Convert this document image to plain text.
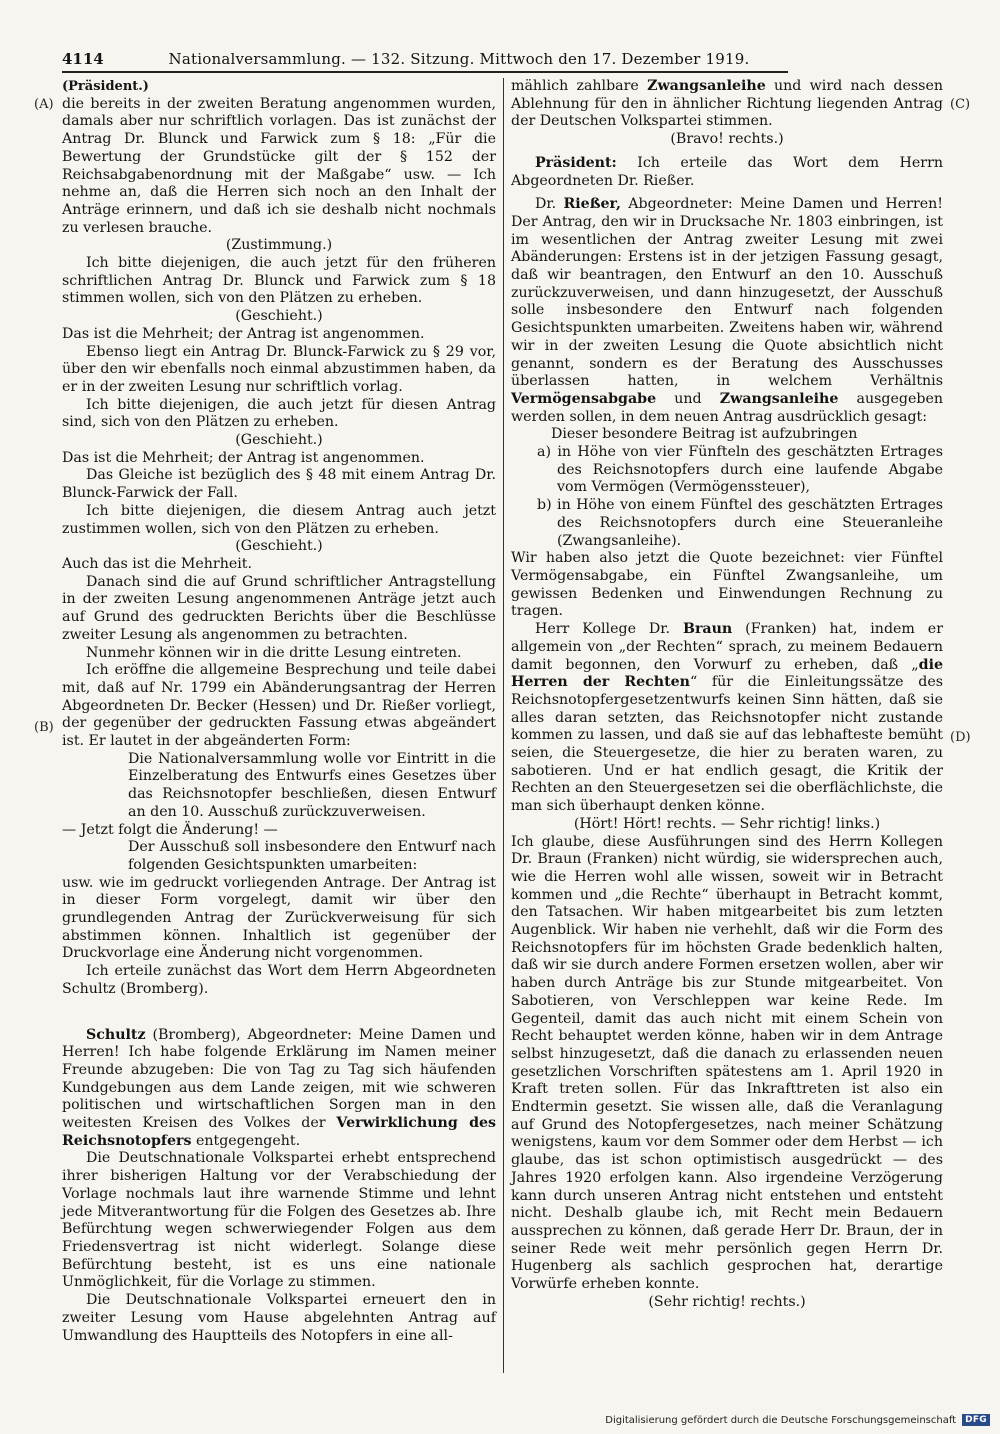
4114	Nationalversammlung. — 132. Sitzung. Mittwoch den 17. Dezember 1919.
(A)
(B)
(C)
(D)

(Präsident.)

die bereits in der zweiten Beratung angenommen wurden, damals aber nur schriftlich vorlagen. Das ist zunächst der Antrag Dr. Blunck und Farwick zum § 18: „Für die Bewertung der Grundstücke gilt der § 152 der Reichsabgabenordnung mit der Maßgabe“ usw. — Ich nehme an, daß die Herren sich noch an den Inhalt der Anträge erinnern, und daß ich sie deshalb nicht nochmals zu verlesen brauche.

(Zustimmung.)

Ich bitte diejenigen, die auch jetzt für den früheren schriftlichen Antrag Dr. Blunck und Farwick zum § 18 stimmen wollen, sich von den Plätzen zu erheben.

(Geschieht.)

Das ist die Mehrheit; der Antrag ist angenommen.

Ebenso liegt ein Antrag Dr. Blunck-Farwick zu § 29 vor, über den wir ebenfalls noch einmal abzustimmen haben, da er in der zweiten Lesung nur schriftlich vorlag.

Ich bitte diejenigen, die auch jetzt für diesen Antrag sind, sich von den Plätzen zu erheben.

(Geschieht.)

Das ist die Mehrheit; der Antrag ist angenommen.

Das Gleiche ist bezüglich des § 48 mit einem Antrag Dr. Blunck-Farwick der Fall.

Ich bitte diejenigen, die diesem Antrag auch jetzt zustimmen wollen, sich von den Plätzen zu erheben.

(Geschieht.)

Auch das ist die Mehrheit.

Danach sind die auf Grund schriftlicher Antragstellung in der zweiten Lesung angenommenen Anträge jetzt auch auf Grund des gedruckten Berichts über die Beschlüsse zweiter Lesung als angenommen zu betrachten.

Nunmehr können wir in die dritte Lesung eintreten.

Ich eröffne die allgemeine Besprechung und teile dabei mit, daß auf Nr. 1799 ein Abänderungsantrag der Herren Abgeordneten Dr. Becker (Hessen) und Dr. Rießer vorliegt, der gegenüber der gedruckten Fassung etwas abgeändert ist. Er lautet in der abgeänderten Form:

Die Nationalversammlung wolle vor Eintritt in die Einzelberatung des Entwurfs eines Gesetzes über das Reichsnotopfer beschließen, diesen Entwurf an den 10. Ausschuß zurückzuverweisen.

— Jetzt folgt die Änderung! —

Der Ausschuß soll insbesondere den Entwurf nach folgenden Gesichtspunkten umarbeiten:

usw. wie im gedruckt vorliegenden Antrage. Der Antrag ist in dieser Form vorgelegt, damit wir über den grundlegenden Antrag der Zurückverweisung für sich abstimmen können. Inhaltlich ist gegenüber der Druckvorlage eine Änderung nicht vorgenommen.

Ich erteile zunächst das Wort dem Herrn Abgeordneten Schultz (Bromberg).

Schultz (Bromberg), Abgeordneter: Meine Damen und Herren! Ich habe folgende Erklärung im Namen meiner Freunde abzugeben: Die von Tag zu Tag sich häufenden Kundgebungen aus dem Lande zeigen, mit wie schweren politischen und wirtschaftlichen Sorgen man in den weitesten Kreisen des Volkes der Verwirklichung des Reichsnotopfers entgegengeht.

Die Deutschnationale Volkspartei erhebt entsprechend ihrer bisherigen Haltung vor der Verabschiedung der Vorlage nochmals laut ihre warnende Stimme und lehnt jede Mitverantwortung für die Folgen des Gesetzes ab. Ihre Befürchtung wegen schwerwiegender Folgen aus dem Friedensvertrag ist nicht widerlegt. Solange diese Befürchtung besteht, ist es uns eine nationale Unmöglichkeit, für die Vorlage zu stimmen.

Die Deutschnationale Volkspartei erneuert den in zweiter Lesung vom Hause abgelehnten Antrag auf Umwandlung des Hauptteils des Notopfers in eine all-

mählich zahlbare Zwangsanleihe und wird nach dessen Ablehnung für den in ähnlicher Richtung liegenden Antrag der Deutschen Volkspartei stimmen.

(Bravo! rechts.)

Präsident: Ich erteile das Wort dem Herrn Abgeordneten Dr. Rießer.

Dr. Rießer, Abgeordneter: Meine Damen und Herren! Der Antrag, den wir in Drucksache Nr. 1803 einbringen, ist im wesentlichen der Antrag zweiter Lesung mit zwei Abänderungen: Erstens ist in der jetzigen Fassung gesagt, daß wir beantragen, den Entwurf an den 10. Ausschuß zurückzuverweisen, und dann hinzugesetzt, der Ausschuß solle insbesondere den Entwurf nach folgenden Gesichtspunkten umarbeiten. Zweitens haben wir, während wir in der zweiten Lesung die Quote absichtlich nicht genannt, sondern es der Beratung des Ausschusses überlassen hatten, in welchem Verhältnis Vermögensabgabe und Zwangsanleihe ausgegeben werden sollen, in dem neuen Antrag ausdrücklich gesagt:

Dieser besondere Beitrag ist aufzubringen

a) in Höhe von vier Fünfteln des geschätzten Ertrages des Reichsnotopfers durch eine laufende Abgabe vom Vermögen (Vermögenssteuer),

b) in Höhe von einem Fünftel des geschätzten Ertrages des Reichsnotopfers durch eine Steueranleihe (Zwangsanleihe).

Wir haben also jetzt die Quote bezeichnet: vier Fünftel Vermögensabgabe, ein Fünftel Zwangsanleihe, um gewissen Bedenken und Einwendungen Rechnung zu tragen.

Herr Kollege Dr. Braun (Franken) hat, indem er allgemein von „der Rechten“ sprach, zu meinem Bedauern damit begonnen, den Vorwurf zu erheben, daß „die Herren der Rechten“ für die Einleitungssätze des Reichsnotopfergesetzentwurfs keinen Sinn hätten, daß sie alles daran setzten, das Reichsnotopfer nicht zustande kommen zu lassen, und daß sie auf das lebhafteste bemüht seien, die Steuergesetze, die hier zu beraten waren, zu sabotieren. Und er hat endlich gesagt, die Kritik der Rechten an den Steuergesetzen sei die oberflächlichste, die man sich überhaupt denken könne.

(Hört! Hört! rechts. — Sehr richtig! links.)

Ich glaube, diese Ausführungen sind des Herrn Kollegen Dr. Braun (Franken) nicht würdig, sie widersprechen auch, wie die Herren wohl alle wissen, soweit wir in Betracht kommen und „die Rechte“ überhaupt in Betracht kommt, den Tatsachen. Wir haben mitgearbeitet bis zum letzten Augenblick. Wir haben nie verhehlt, daß wir die Form des Reichsnotopfers für im höchsten Grade bedenklich halten, daß wir sie durch andere Formen ersetzen wollen, aber wir haben durch Anträge bis zur Stunde mitgearbeitet. Von Sabotieren, von Verschleppen war keine Rede. Im Gegenteil, damit das auch nicht mit einem Schein von Recht behauptet werden könne, haben wir in dem Antrage selbst hinzugesetzt, daß die danach zu erlassenden neuen gesetzlichen Vorschriften spätestens am 1. April 1920 in Kraft treten sollen. Für das Inkrafttreten ist also ein Endtermin gesetzt. Sie wissen alle, daß die Veranlagung auf Grund des Notopfergesetzes, nach meiner Schätzung wenigstens, kaum vor dem Sommer oder dem Herbst — ich glaube, das ist schon optimistisch ausgedrückt — des Jahres 1920 erfolgen kann. Also irgendeine Verzögerung kann durch unseren Antrag nicht entstehen und entsteht nicht. Deshalb glaube ich, mit Recht mein Bedauern aussprechen zu können, daß gerade Herr Dr. Braun, der in seiner Rede weit mehr persönlich gegen Herrn Dr. Hugenberg als sachlich gesprochen hat, derartige Vorwürfe erheben konnte.

(Sehr richtig! rechts.)

Digitalisierung gefördert durch die Deutsche Forschungsgemeinschaft	DFG
